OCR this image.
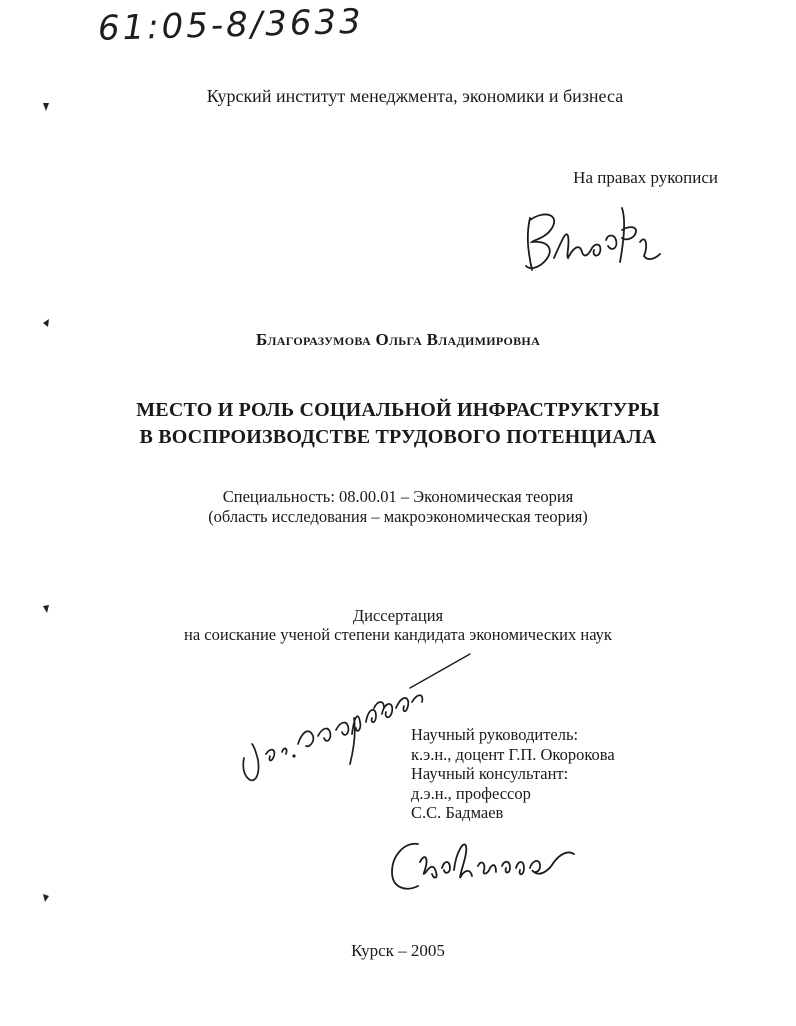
61:05-8/3633
Курский институт менеджмента, экономики и бизнеса
На правах рукописи
Благоразумова Ольга Владимировна
МЕСТО И РОЛЬ СОЦИАЛЬНОЙ ИНФРАСТРУКТУРЫ
В ВОСПРОИЗВОДСТВЕ ТРУДОВОГО ПОТЕНЦИАЛА
Специальность: 08.00.01 – Экономическая теория
(область исследования – макроэкономическая теория)
Диссертация
на соискание ученой степени кандидата экономических наук
Научный руководитель:
к.э.н., доцент Г.П. Окорокова
Научный консультант:
д.э.н., профессор
С.С. Бадмаев
Курск – 2005
